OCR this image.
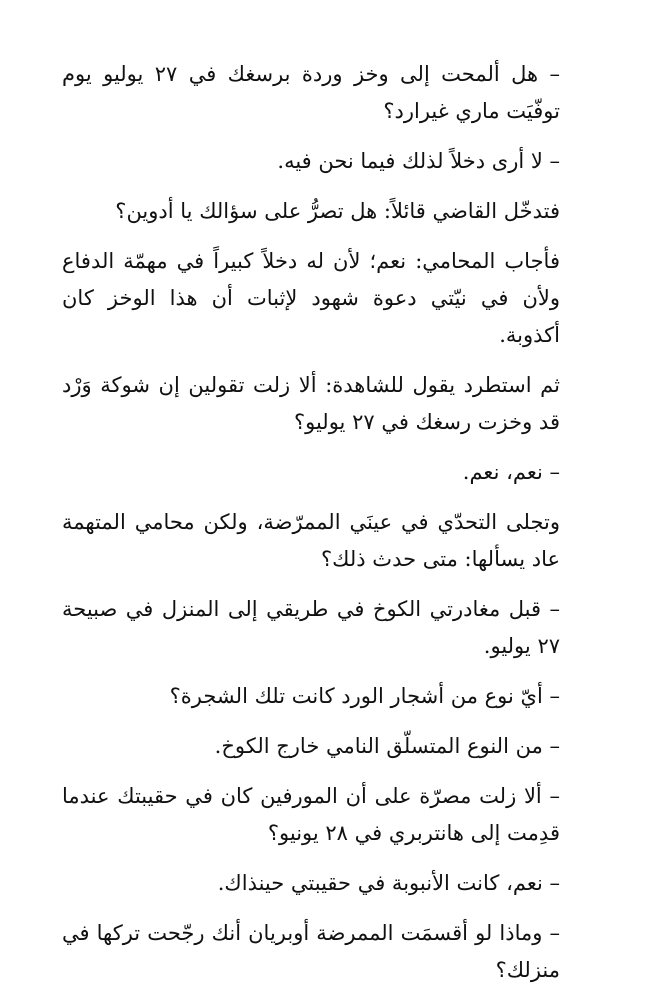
– هل ألمحت إلى وخز وردة برسغك في ٢٧ يوليو يوم توفّيَت ماري غيرارد؟

– لا أرى دخلاً لذلك فيما نحن فيه.

فتدخّل القاضي قائلاً: هل تصرُّ على سؤالك يا أدوين؟

فأجاب المحامي: نعم؛ لأن له دخلاً كبيراً في مهمّة الدفاع ولأن في نيّتي دعوة شهود لإثبات أن هذا الوخز كان أكذوبة.

ثم استطرد يقول للشاهدة: ألا زلت تقولين إن شوكة وَرْد قد وخزت رسغك في ٢٧ يوليو؟

– نعم، نعم.

وتجلى التحدّي في عينَي الممرّضة، ولكن محامي المتهمة عاد يسألها: متى حدث ذلك؟

– قبل مغادرتي الكوخ في طريقي إلى المنزل في صبيحة ٢٧ يوليو.

– أيّ نوع من أشجار الورد كانت تلك الشجرة؟

– من النوع المتسلّق النامي خارج الكوخ.

– ألا زلت مصرّة على أن المورفين كان في حقيبتك عندما قدِمت إلى هانتربري في ٢٨ يونيو؟

– نعم، كانت الأنبوبة في حقيبتي حينذاك.

– وماذا لو أقسمَت الممرضة أوبريان أنك رجّحت تركها في منزلك؟
